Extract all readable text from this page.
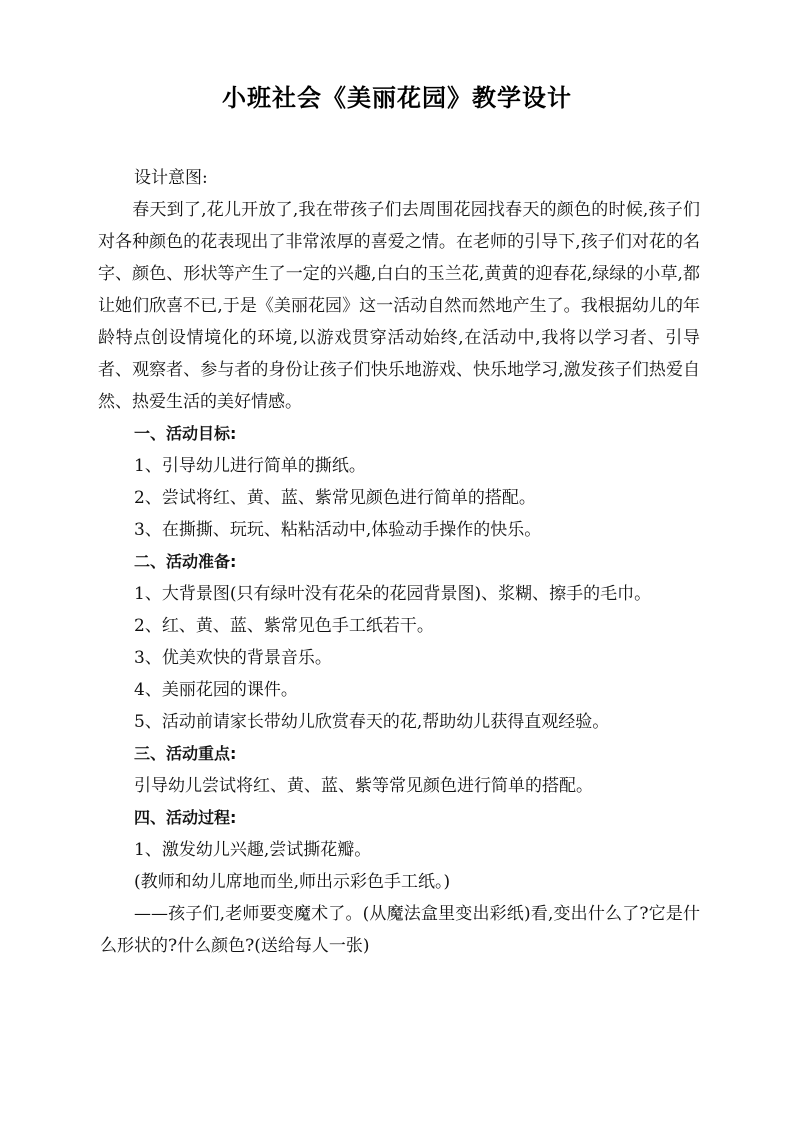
小班社会《美丽花园》教学设计

设计意图:

春天到了,花儿开放了,我在带孩子们去周围花园找春天的颜色的时候,孩子们对各种颜色的花表现出了非常浓厚的喜爱之情。在老师的引导下,孩子们对花的名字、颜色、形状等产生了一定的兴趣,白白的玉兰花,黄黄的迎春花,绿绿的小草,都让她们欣喜不已,于是《美丽花园》这一活动自然而然地产生了。我根据幼儿的年龄特点创设情境化的环境,以游戏贯穿活动始终,在活动中,我将以学习者、引导者、观察者、参与者的身份让孩子们快乐地游戏、快乐地学习,激发孩子们热爱自然、热爱生活的美好情感。

一、活动目标:

1、引导幼儿进行简单的撕纸。

2、尝试将红、黄、蓝、紫常见颜色进行简单的搭配。

3、在撕撕、玩玩、粘粘活动中,体验动手操作的快乐。

二、活动准备:

1、大背景图(只有绿叶没有花朵的花园背景图)、浆糊、擦手的毛巾。

2、红、黄、蓝、紫常见色手工纸若干。

3、优美欢快的背景音乐。

4、美丽花园的课件。

5、活动前请家长带幼儿欣赏春天的花,帮助幼儿获得直观经验。

三、活动重点:

引导幼儿尝试将红、黄、蓝、紫等常见颜色进行简单的搭配。

四、活动过程:

1、激发幼儿兴趣,尝试撕花瓣。

(教师和幼儿席地而坐,师出示彩色手工纸。)

——孩子们,老师要变魔术了。(从魔法盒里变出彩纸)看,变出什么了?它是什么形状的?什么颜色?(送给每人一张)
